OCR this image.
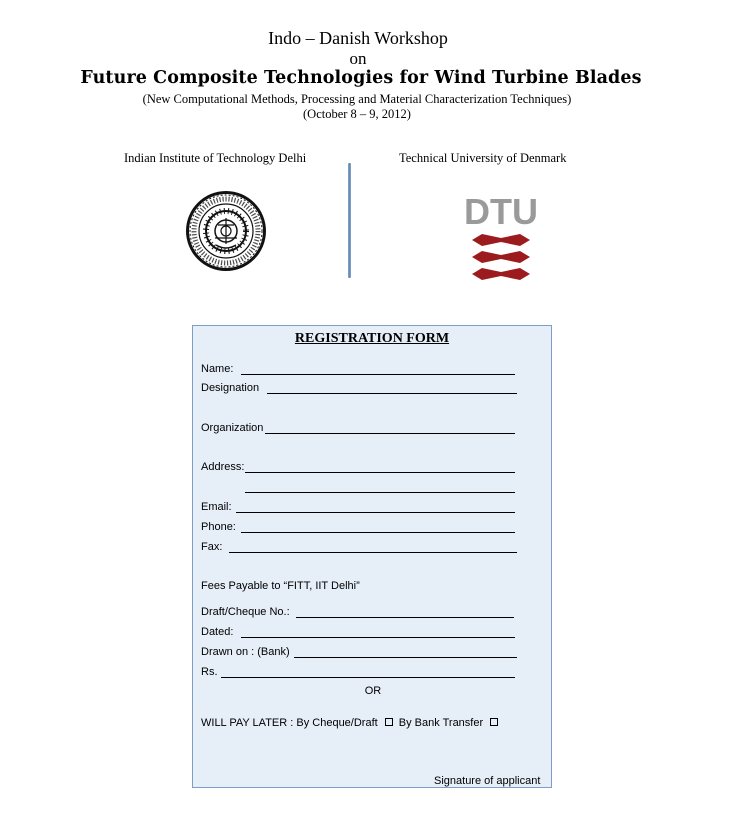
Indo – Danish Workshop
on
Future Composite Technologies for Wind Turbine Blades
(New Computational Methods, Processing and Material Characterization Techniques)
(October 8 – 9, 2012)
Indian Institute of Technology Delhi	Technical University of Denmark
DTU
REGISTRATION FORM
Name:
Designation
Organization
Address:
Email:
Phone:
Fax:
Fees Payable to “FITT, IIT Delhi”
Draft/Cheque No.:
Dated:
Drawn on : (Bank)
Rs.
OR
WILL PAY LATER : By Cheque/Draft By Bank Transfer
Signature of applicant
